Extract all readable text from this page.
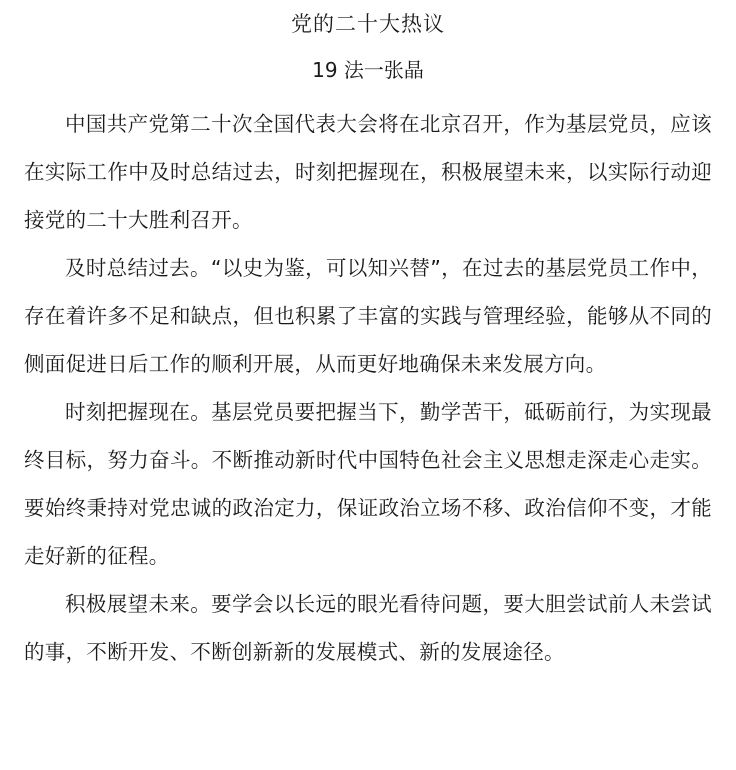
党的二十大热议
19 法一张晶

中国共产党第二十次全国代表大会将在北京召开，作为基层党员，应该在实际工作中及时总结过去，时刻把握现在，积极展望未来，以实际行动迎接党的二十大胜利召开。

及时总结过去。“以史为鉴，可以知兴替”，在过去的基层党员工作中，存在着许多不足和缺点，但也积累了丰富的实践与管理经验，能够从不同的侧面促进日后工作的顺利开展，从而更好地确保未来发展方向。

时刻把握现在。基层党员要把握当下，勤学苦干，砥砺前行，为实现最终目标，努力奋斗。不断推动新时代中国特色社会主义思想走深走心走实。要始终秉持对党忠诚的政治定力，保证政治立场不移、政治信仰不变，才能走好新的征程。

积极展望未来。要学会以长远的眼光看待问题，要大胆尝试前人未尝试的事，不断开发、不断创新新的发展模式、新的发展途径。
